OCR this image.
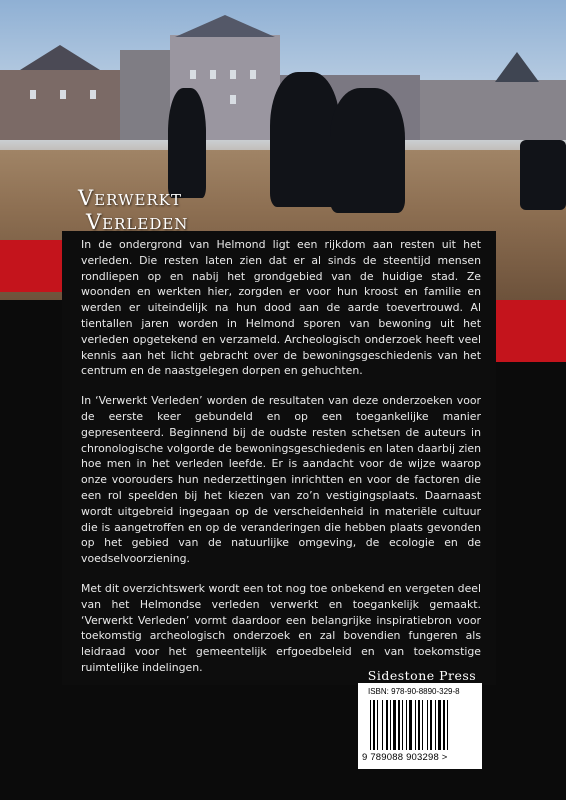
Verwerkt
Verleden

In de ondergrond van Helmond ligt een rijkdom aan resten uit het verleden. Die resten laten zien dat er al sinds de steentijd mensen rondliepen op en nabij het grondgebied van de huidige stad. Ze woonden en werkten hier, zorgden er voor hun kroost en familie en werden er uiteindelijk na hun dood aan de aarde toevertrouwd. Al tientallen jaren worden in Helmond sporen van bewoning uit het verleden opgetekend en verzameld. Archeologisch onderzoek heeft veel kennis aan het licht gebracht over de bewoningsgeschiedenis van het centrum en de naastgelegen dorpen en gehuchten.

In ‘Verwerkt Verleden’ worden de resultaten van deze onderzoeken voor de eerste keer gebundeld en op een toegankelijke manier gepresenteerd. Beginnend bij de oudste resten schetsen de auteurs in chronologische volgorde de bewoningsgeschiedenis en laten daarbij zien hoe men in het verleden leefde. Er is aandacht voor de wijze waarop onze voorouders hun nederzettingen inrichtten en voor de factoren die een rol speelden bij het kiezen van zo’n vestigingsplaats. Daarnaast wordt uitgebreid ingegaan op de verscheidenheid in materiële cultuur die is aangetroffen en op de veranderingen die hebben plaats gevonden op het gebied van de natuurlijke omgeving, de ecologie en de voedselvoorziening.

Met dit overzichtswerk wordt een tot nog toe onbekend en vergeten deel van het Helmondse verleden verwerkt en toegankelijk gemaakt. ‘Verwerkt Verleden’ vormt daardoor een belangrijke inspiratiebron voor toekomstig archeologisch onderzoek en zal bovendien fungeren als leidraad voor het gemeentelijk erfgoedbeleid en van toekomstige ruimtelijke indelingen.

Sidestone Press
ISBN: 978-90-8890-329-8
9 789088 903298 >
